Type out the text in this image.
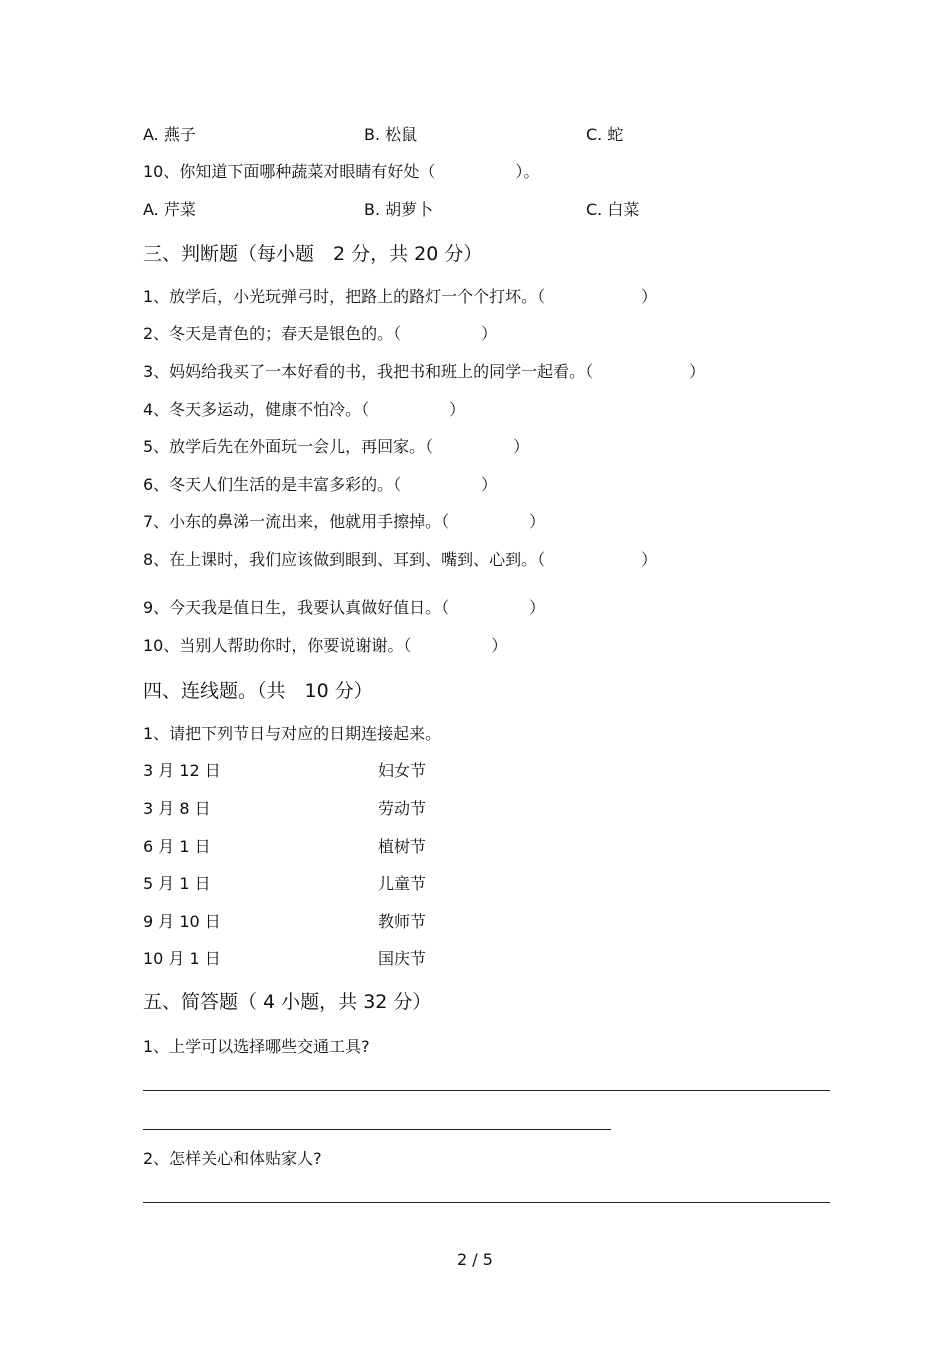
A. 燕子	B. 松鼠	C. 蛇
10、你知道下面哪种蔬菜对眼睛有好处（　　　　　）。
A. 芹菜	B. 胡萝卜	C. 白菜
三、判断题（每小题　2 分，共 20 分）
1、放学后，小光玩弹弓时，把路上的路灯一个个打坏。（　　　　　　）
2、冬天是青色的；春天是银色的。（　　　　　）
3、妈妈给我买了一本好看的书，我把书和班上的同学一起看。（　　　　　　）
4、冬天多运动，健康不怕冷。（　　　　　）
5、放学后先在外面玩一会儿，再回家。（　　　　　）
6、冬天人们生活的是丰富多彩的。（　　　　　）
7、小东的鼻涕一流出来，他就用手擦掉。（　　　　　）
8、在上课时，我们应该做到眼到、耳到、嘴到、心到。（　　　　　　）
9、今天我是值日生，我要认真做好值日。（　　　　　）
10、当别人帮助你时，你要说谢谢。（　　　　　）
四、连线题。（共　10 分）
1、请把下列节日与对应的日期连接起来。
3 月 12 日	妇女节
3 月 8 日	劳动节
6 月 1 日	植树节
5 月 1 日	儿童节
9 月 10 日	教师节
10 月 1 日	国庆节
五、简答题（ 4 小题，共 32 分）
1、上学可以选择哪些交通工具?
2、怎样关心和体贴家人?
2 / 5
